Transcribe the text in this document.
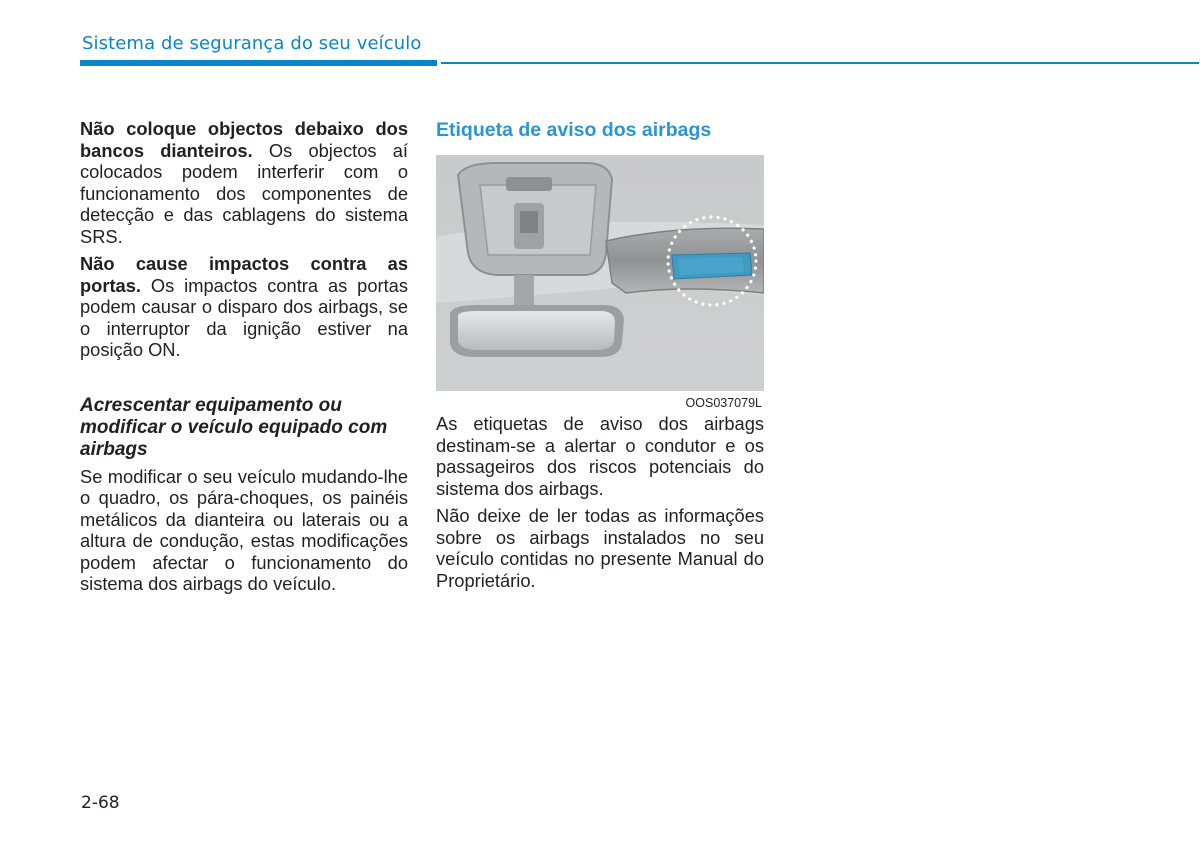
Sistema de segurança do seu veículo

Não coloque objectos debaixo dos bancos dianteiros. Os objectos aí colocados podem interferir com o funcionamento dos componentes de detecção e das cablagens do sistema SRS.

Não cause impactos contra as portas. Os impactos contra as portas podem causar o disparo dos airbags, se o interruptor da ignição estiver na posição ON.

Acrescentar equipamento ou modificar o veículo equipado com airbags

Se modificar o seu veículo mudando-lhe o quadro, os pára-choques, os painéis metálicos da dianteira ou laterais ou a altura de condução, estas modificações podem afectar o funcionamento do sistema dos airbags do veículo.

Etiqueta de aviso dos airbags
OOS037079L

As etiquetas de aviso dos airbags destinam-se a alertar o condutor e os passageiros dos riscos potenciais do sistema dos airbags.

Não deixe de ler todas as informações sobre os airbags instalados no seu veículo contidas no presente Manual do Proprietário.

2-68
